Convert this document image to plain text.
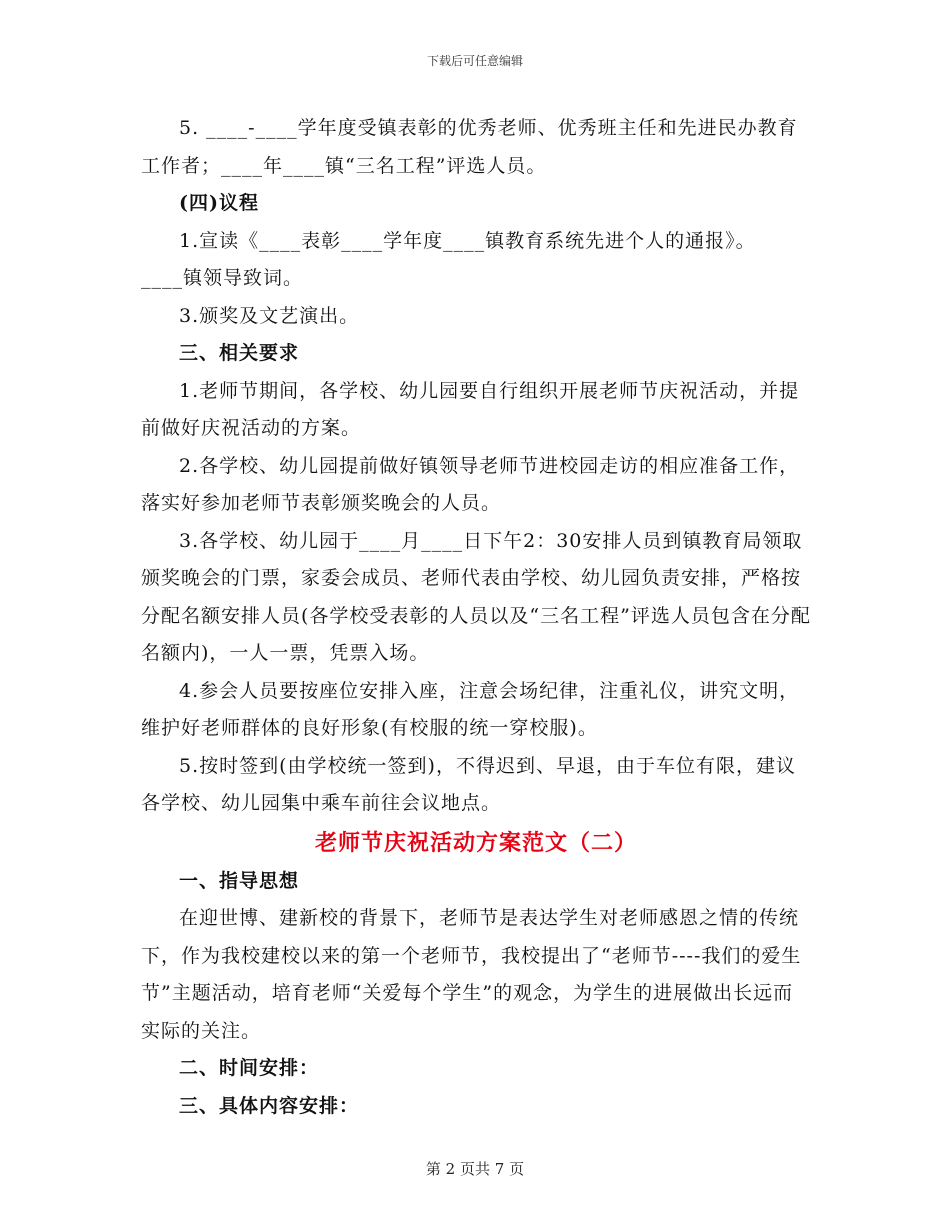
下载后可任意编辑

5. ____-____学年度受镇表彰的优秀老师、优秀班主任和先进民办教育工作者；____年____镇“三名工程”评选人员。

(四)议程

1.宣读《____表彰____学年度____镇教育系统先进个人的通报》。

____镇领导致词。

3.颁奖及文艺演出。

三、相关要求

1.老师节期间，各学校、幼儿园要自行组织开展老师节庆祝活动，并提前做好庆祝活动的方案。

2.各学校、幼儿园提前做好镇领导老师节进校园走访的相应准备工作，落实好参加老师节表彰颁奖晚会的人员。

3.各学校、幼儿园于____月____日下午2：30安排人员到镇教育局领取颁奖晚会的门票，家委会成员、老师代表由学校、幼儿园负责安排，严格按分配名额安排人员(各学校受表彰的人员以及“三名工程”评选人员包含在分配名额内)，一人一票，凭票入场。

4.参会人员要按座位安排入座，注意会场纪律，注重礼仪，讲究文明，维护好老师群体的良好形象(有校服的统一穿校服)。

5.按时签到(由学校统一签到)，不得迟到、早退，由于车位有限，建议各学校、幼儿园集中乘车前往会议地点。

老师节庆祝活动方案范文（二）

一、指导思想

在迎世博、建新校的背景下，老师节是表达学生对老师感恩之情的传统下，作为我校建校以来的第一个老师节，我校提出了“老师节----我们的爱生节”主题活动，培育老师“关爱每个学生”的观念，为学生的进展做出长远而实际的关注。

二、时间安排：

三、具体内容安排：

第 2 页共 7 页
